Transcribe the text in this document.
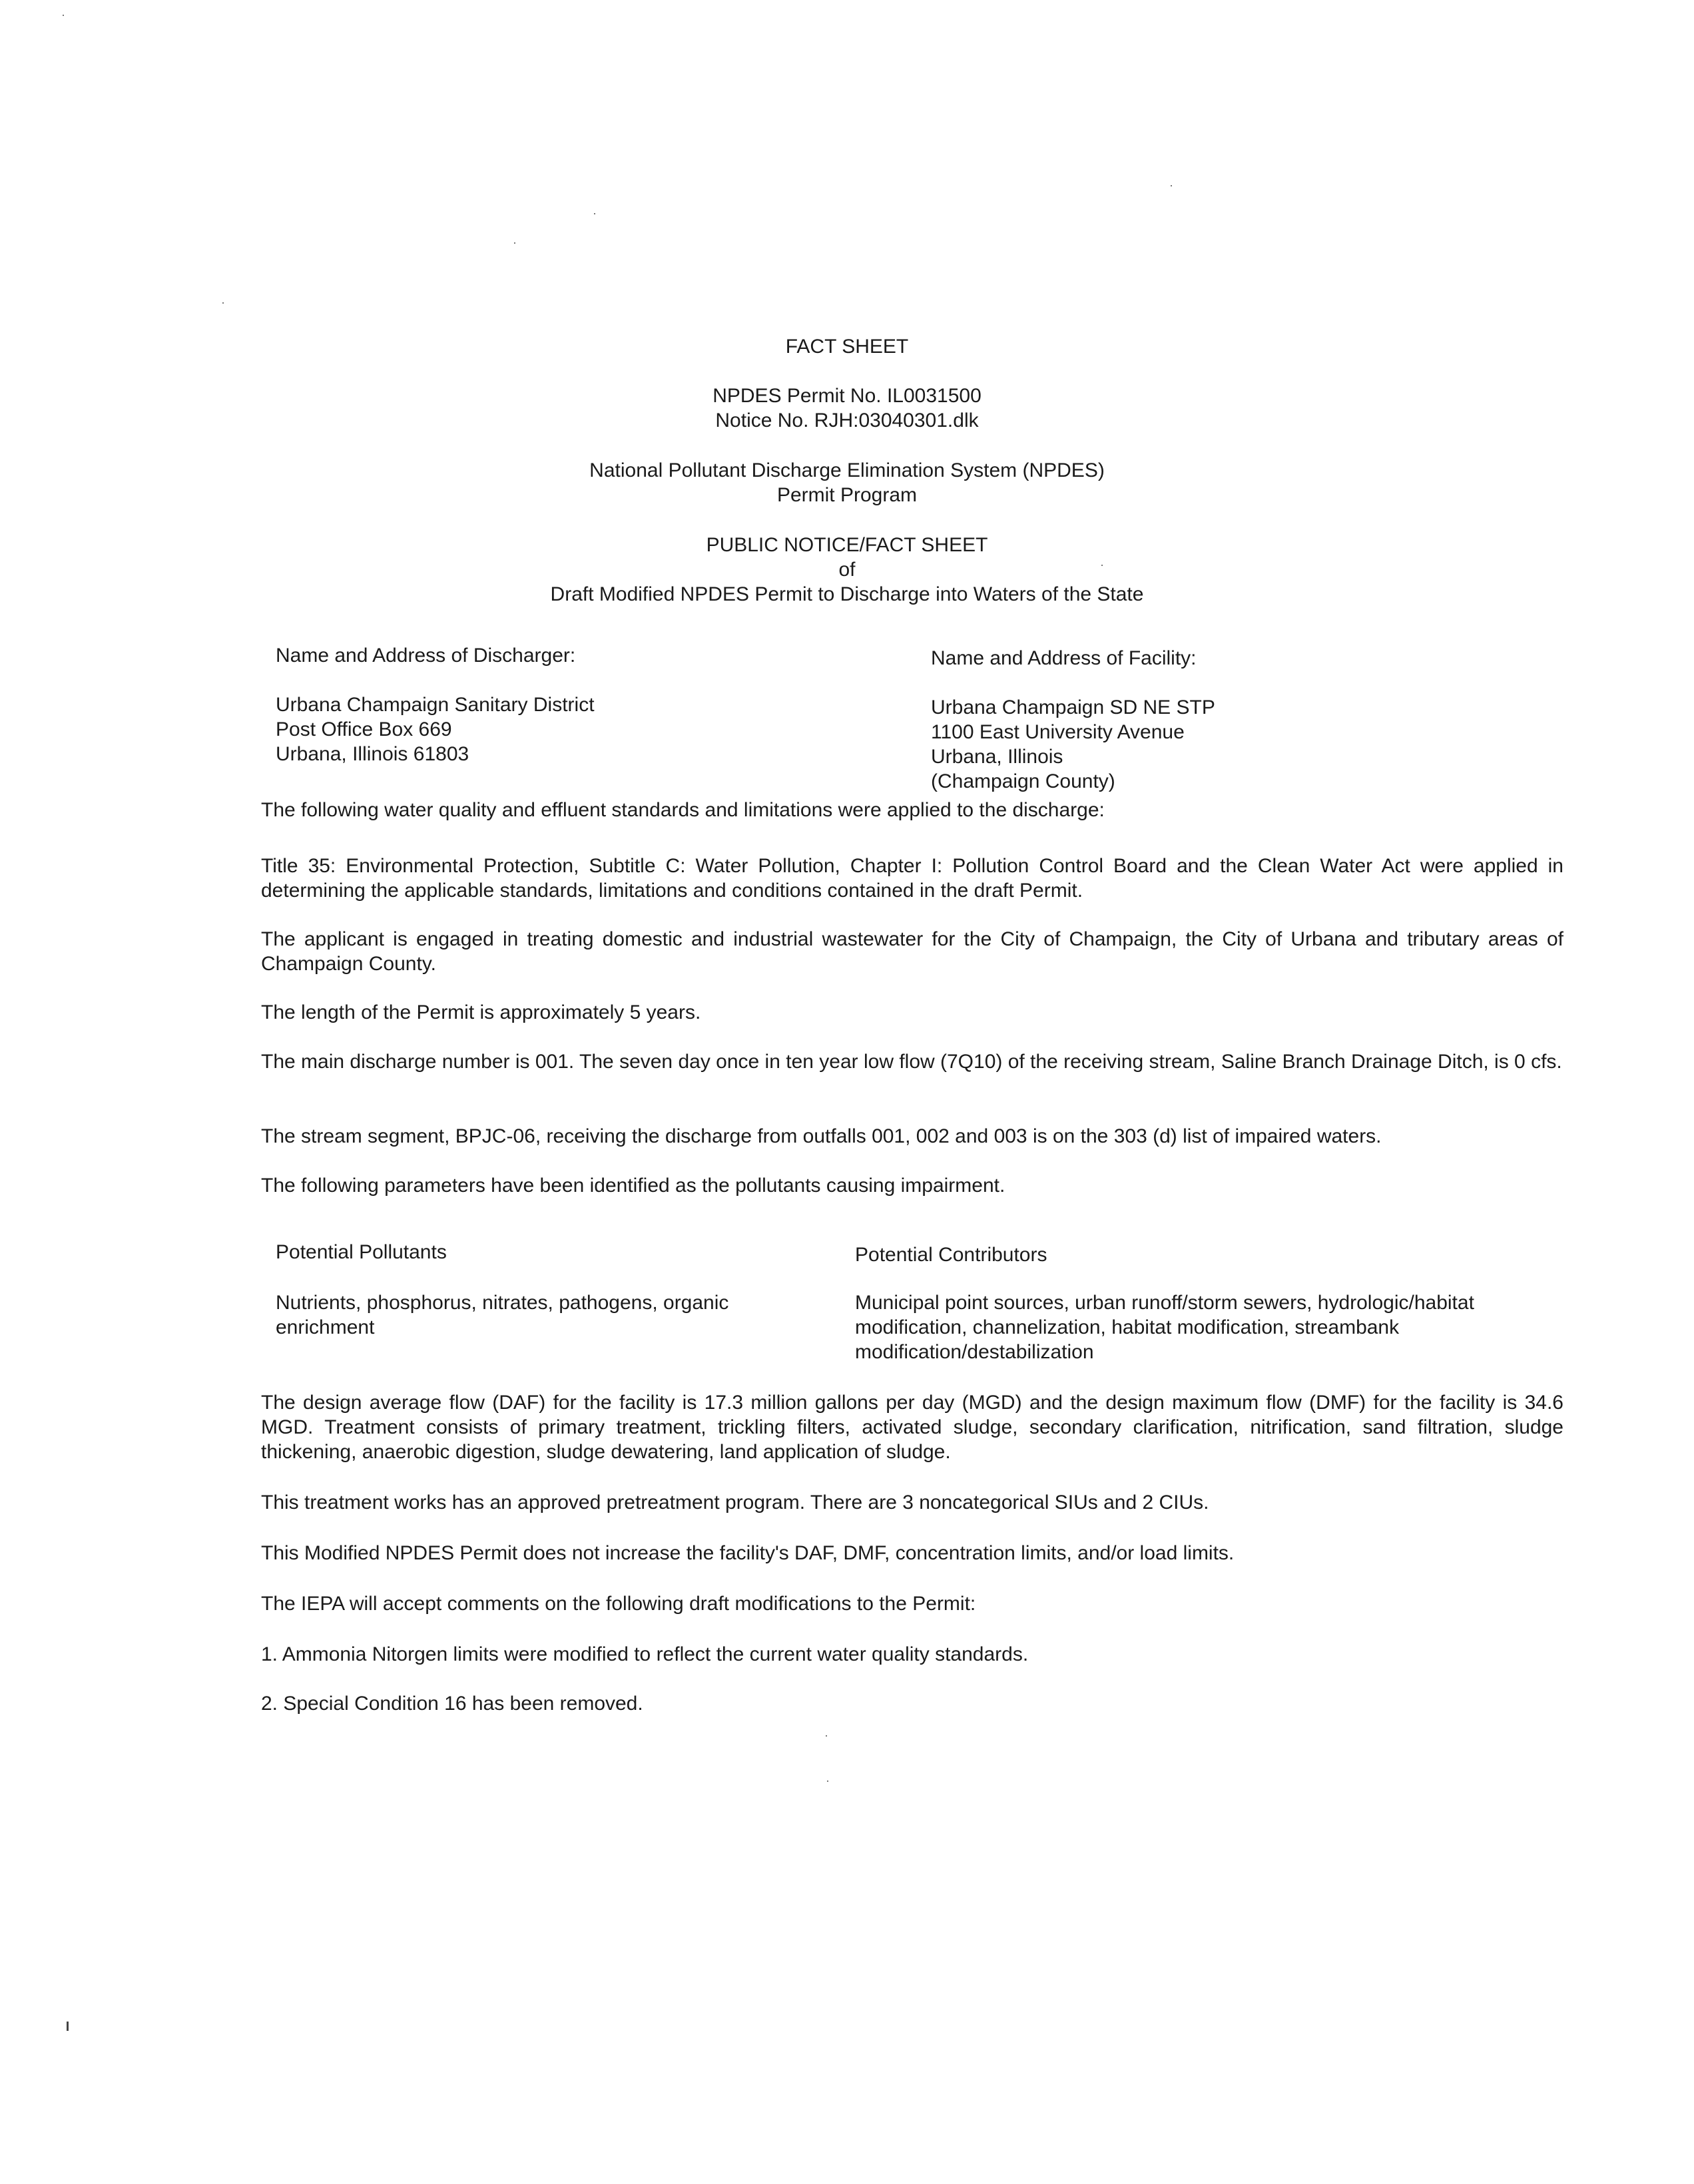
FACT SHEET
NPDES Permit No. IL0031500
Notice No. RJH:03040301.dlk
National Pollutant Discharge Elimination System (NPDES)
Permit Program
PUBLIC NOTICE/FACT SHEET
of
Draft Modified NPDES Permit to Discharge into Waters of the State
Name and Address of Discharger:

Urbana Champaign Sanitary District

Post Office Box 669

Urbana, Illinois 61803

Name and Address of Facility:

Urbana Champaign SD NE STP

1100 East University Avenue

Urbana, Illinois

(Champaign County)

The following water quality and effluent standards and limitations were applied to the discharge:
Title 35: Environmental Protection, Subtitle C: Water Pollution, Chapter I: Pollution Control Board and the Clean Water Act were applied in determining the applicable standards, limitations and conditions contained in the draft Permit.
The applicant is engaged in treating domestic and industrial wastewater for the City of Champaign, the City of Urbana and tributary areas of Champaign County.
The length of the Permit is approximately 5 years.
The main discharge number is 001. The seven day once in ten year low flow (7Q10) of the receiving stream, Saline Branch Drainage Ditch, is 0 cfs.
The stream segment, BPJC-06, receiving the discharge from outfalls 001, 002 and 003 is on the 303 (d) list of impaired waters.
The following parameters have been identified as the pollutants causing impairment.
Potential Pollutants	Potential Contributors

Nutrients, phosphorus, nitrates, pathogens, organic

enrichment

Municipal point sources, urban runoff/storm sewers, hydrologic/habitat

modification, channelization, habitat modification, streambank

modification/destabilization

The design average flow (DAF) for the facility is 17.3 million gallons per day (MGD) and the design maximum flow (DMF) for the facility is 34.6 MGD. Treatment consists of primary treatment, trickling filters, activated sludge, secondary clarification, nitrification, sand filtration, sludge thickening, anaerobic digestion, sludge dewatering, land application of sludge.
This treatment works has an approved pretreatment program. There are 3 noncategorical SIUs and 2 CIUs.
This Modified NPDES Permit does not increase the facility's DAF, DMF, concentration limits, and/or load limits.
The IEPA will accept comments on the following draft modifications to the Permit:
1. Ammonia Nitorgen limits were modified to reflect the current water quality standards.
2. Special Condition 16 has been removed.
